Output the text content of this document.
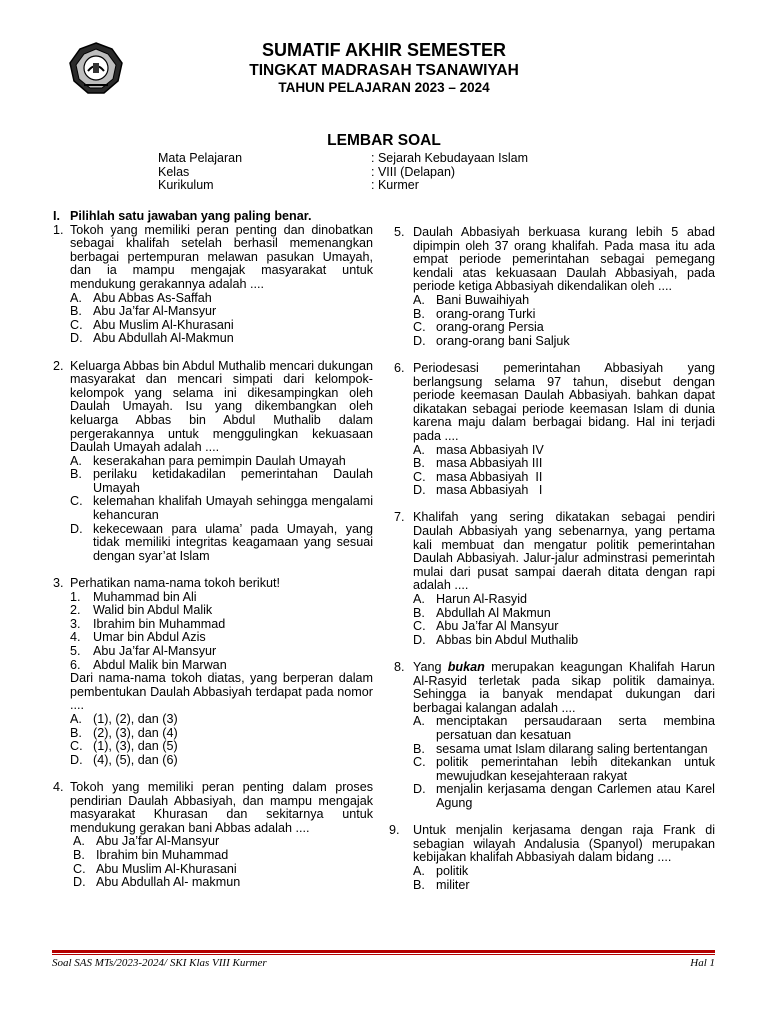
SUMATIF AKHIR SEMESTER
TINGKAT MADRASAH TSANAWIYAH
TAHUN PELAJARAN 2023 – 2024
LEMBAR SOAL
Mata Pelajaran	: Sejarah Kebudayaan Islam
Kelas	: VIII (Delapan)
Kurikulum	: Kurmer
I. Pilihlah satu jawaban yang paling benar.
1. Tokoh yang memiliki peran penting dan dinobatkan sebagai khalifah setelah berhasil memenangkan berbagai pertempuran melawan pasukan Umayah, dan ia mampu mengajak masyarakat untuk mendukung gerakannya adalah ....
A. Abu Abbas As-Saffah
B. Abu Ja’far Al-Mansyur
C. Abu Muslim Al-Khurasani
D. Abu Abdullah Al-Makmun
2. Keluarga Abbas bin Abdul Muthalib mencari dukungan masyarakat dan mencari simpati dari kelompok-kelompok yang selama ini dikesampingkan oleh Daulah Umayah. Isu yang dikembangkan oleh keluarga Abbas bin Abdul Muthalib dalam pergerakannya untuk menggulingkan kekuasaan Daulah Umayah adalah ....
A. keserakahan para pemimpin Daulah Umayah
B. perilaku ketidakadilan pemerintahan Daulah Umayah
C. kelemahan khalifah Umayah sehingga mengalami kehancuran
D. kekecewaan para ulama’ pada Umayah, yang tidak memiliki integritas keagamaan yang sesuai dengan syar’at Islam
3. Perhatikan nama-nama tokoh berikut!
1. Muhammad bin Ali
2. Walid bin Abdul Malik
3. Ibrahim bin Muhammad
4. Umar bin Abdul Azis
5. Abu Ja’far Al-Mansyur
6. Abdul Malik bin Marwan
Dari nama-nama tokoh diatas, yang berperan dalam pembentukan Daulah Abbasiyah terdapat pada nomor ....
A. (1), (2), dan (3)
B. (2), (3), dan (4)
C. (1), (3), dan (5)
D. (4), (5), dan (6)
4. Tokoh yang memiliki peran penting dalam proses pendirian Daulah Abbasiyah, dan mampu mengajak masyarakat Khurasan dan sekitarnya untuk mendukung gerakan bani Abbas adalah ....
A. Abu Ja’far Al-Mansyur
B. Ibrahim bin Muhammad
C. Abu Muslim Al-Khurasani
D. Abu Abdullah Al- makmun
5. Daulah Abbasiyah berkuasa kurang lebih 5 abad dipimpin oleh 37 orang khalifah. Pada masa itu ada empat periode pemerintahan sebagai pemegang kendali atas kekuasaan Daulah Abbasiyah, pada periode ketiga Abbasiyah dikendalikan oleh ....
A. Bani Buwaihiyah
B. orang-orang Turki
C. orang-orang Persia
D. orang-orang bani Saljuk
6. Periodesasi pemerintahan Abbasiyah yang berlangsung selama 97 tahun, disebut dengan periode keemasan Daulah Abbasiyah. bahkan dapat dikatakan sebagai periode keemasan Islam di dunia karena maju dalam berbagai bidang. Hal ini terjadi pada ....
A. masa Abbasiyah IV
B. masa Abbasiyah III
C. masa Abbasiyah  II
D. masa Abbasiyah   I
7. Khalifah yang sering dikatakan sebagai pendiri Daulah Abbasiyah yang sebenarnya, yang pertama kali membuat dan mengatur politik pemerintahan Daulah Abbasiyah. Jalur-jalur adminstrasi pemerintah mulai dari pusat sampai daerah ditata dengan rapi adalah ....
A. Harun Al-Rasyid
B. Abdullah Al Makmun
C. Abu Ja’far Al Mansyur
D. Abbas bin Abdul Muthalib
8. Yang bukan merupakan keagungan Khalifah Harun Al-Rasyid terletak pada sikap politik damainya. Sehingga ia banyak mendapat dukungan dari berbagai kalangan adalah ....
A. menciptakan persaudaraan serta membina persatuan dan kesatuan
B. sesama umat Islam dilarang saling bertentangan
C. politik pemerintahan lebih ditekankan untuk mewujudkan kesejahteraan rakyat
D. menjalin kerjasama dengan Carlemen atau Karel Agung
9.	Untuk menjalin kerjasama dengan raja Frank di sebagian wilayah Andalusia (Spanyol) merupakan kebijakan khalifah Abbasiyah dalam bidang ....
A. politik
B. militer
Soal SAS MTs/2023-2024/ SKI Klas VIII Kurmer	Hal 1
